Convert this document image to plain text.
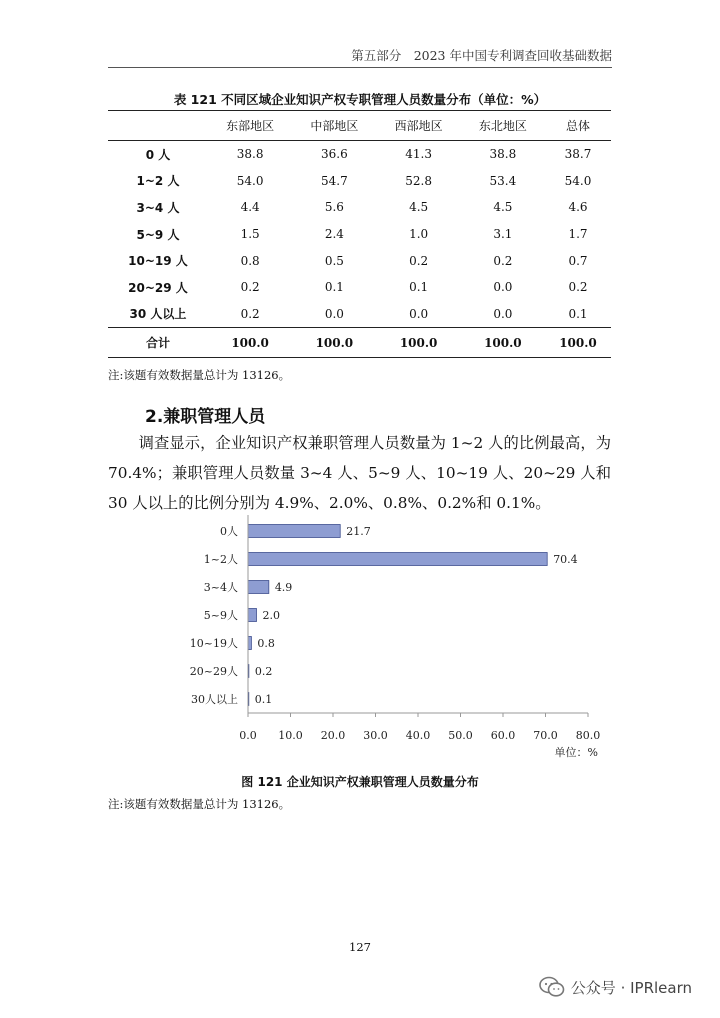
第五部分　2023 年中国专利调查回收基础数据
表 121 不同区域企业知识产权专职管理人员数量分布（单位：%）
	东部地区	中部地区	西部地区	东北地区	总体
0 人	38.8	36.6	41.3	38.8	38.7
1~2 人	54.0	54.7	52.8	53.4	54.0
3~4 人	4.4	5.6	4.5	4.5	4.6
5~9 人	1.5	2.4	1.0	3.1	1.7
10~19 人	0.8	0.5	0.2	0.2	0.7
20~29 人	0.2	0.1	0.1	0.0	0.2
30 人以上	0.2	0.0	0.0	0.0	0.1
合计	100.0	100.0	100.0	100.0	100.0
注:该题有效数据量总计为 13126。
2.兼职管理人员

调查显示，企业知识产权兼职管理人员数量为 1~2 人的比例最高，为 70.4%；兼职管理人员数量 3~4 人、5~9 人、10~19 人、20~29 人和 30 人以上的比例分别为 4.9%、2.0%、0.8%、0.2%和 0.1%。

0人	21.7
1~2人	70.4
3~4人	4.9
5~9人 2.0
10~19人 0.8
20~29人 0.2
30人以上 0.1
0.0 10.0 20.0 30.0 40.0 50.0 60.0 70.0 80.0
单位：%
图 121 企业知识产权兼职管理人员数量分布
注:该题有效数据量总计为 13126。
127
公众号 · IPRlearn
